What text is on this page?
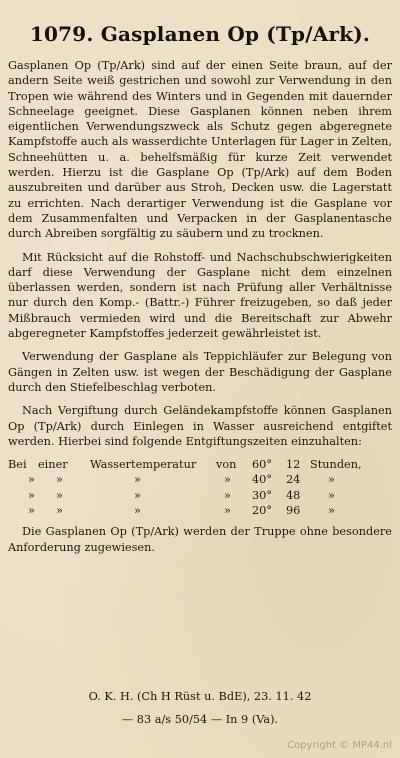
1079. Gasplanen Op (Tp/Ark).

Gasplanen Op (Tp/Ark) sind auf der einen Seite braun, auf der andern Seite weiß gestrichen und sowohl zur Verwendung in den Tropen wie während des Winters und in Gegenden mit dauernder Schneelage geeignet. Diese Gasplanen können neben ihrem eigentlichen Verwendungszweck als Schutz gegen abgeregnete Kampfstoffe auch als wasserdichte Unterlagen für Lager in Zelten, Schneehütten u. a. behelfsmäßig für kurze Zeit verwendet werden. Hierzu ist die Gasplane Op (Tp/Ark) auf dem Boden auszubreiten und darüber aus Stroh, Decken usw. die Lagerstatt zu errichten. Nach derartiger Verwendung ist die Gasplane vor dem Zusammenfalten und Verpacken in der Gasplanentasche durch Abreiben sorgfältig zu säubern und zu trocknen.

Mit Rücksicht auf die Rohstoff- und Nachschubschwierigkeiten darf diese Verwendung der Gasplane nicht dem einzelnen überlassen werden, sondern ist nach Prüfung aller Verhältnisse nur durch den Komp.- (Battr.-) Führer freizugeben, so daß jeder Mißbrauch vermieden wird und die Bereitschaft zur Abwehr abgeregneter Kampfstoffes jederzeit gewährleistet ist.

Verwendung der Gasplane als Teppichläufer zur Belegung von Gängen in Zelten usw. ist wegen der Beschädigung der Gasplane durch den Stiefelbeschlag verboten.

Nach Vergiftung durch Geländekampfstoffe können Gasplanen Op (Tp/Ark) durch Einlegen in Wasser ausreichend entgiftet werden. Hierbei sind folgende Entgiftungszeiten einzuhalten:

Bei	einer	Wassertemperatur	von	60°	12	Stunden,
»	»	»	»	40°	24	»
»	»	»	»	30°	48	»
»	»	»	»	20°	96	»

Die Gasplanen Op (Tp/Ark) werden der Truppe ohne besondere Anforderung zugewiesen.

O. K. H. (Ch H Rüst u. BdE), 23. 11. 42
— 83 a/s 50/54 — In 9 (Va).
Copyright © MP44.nl
